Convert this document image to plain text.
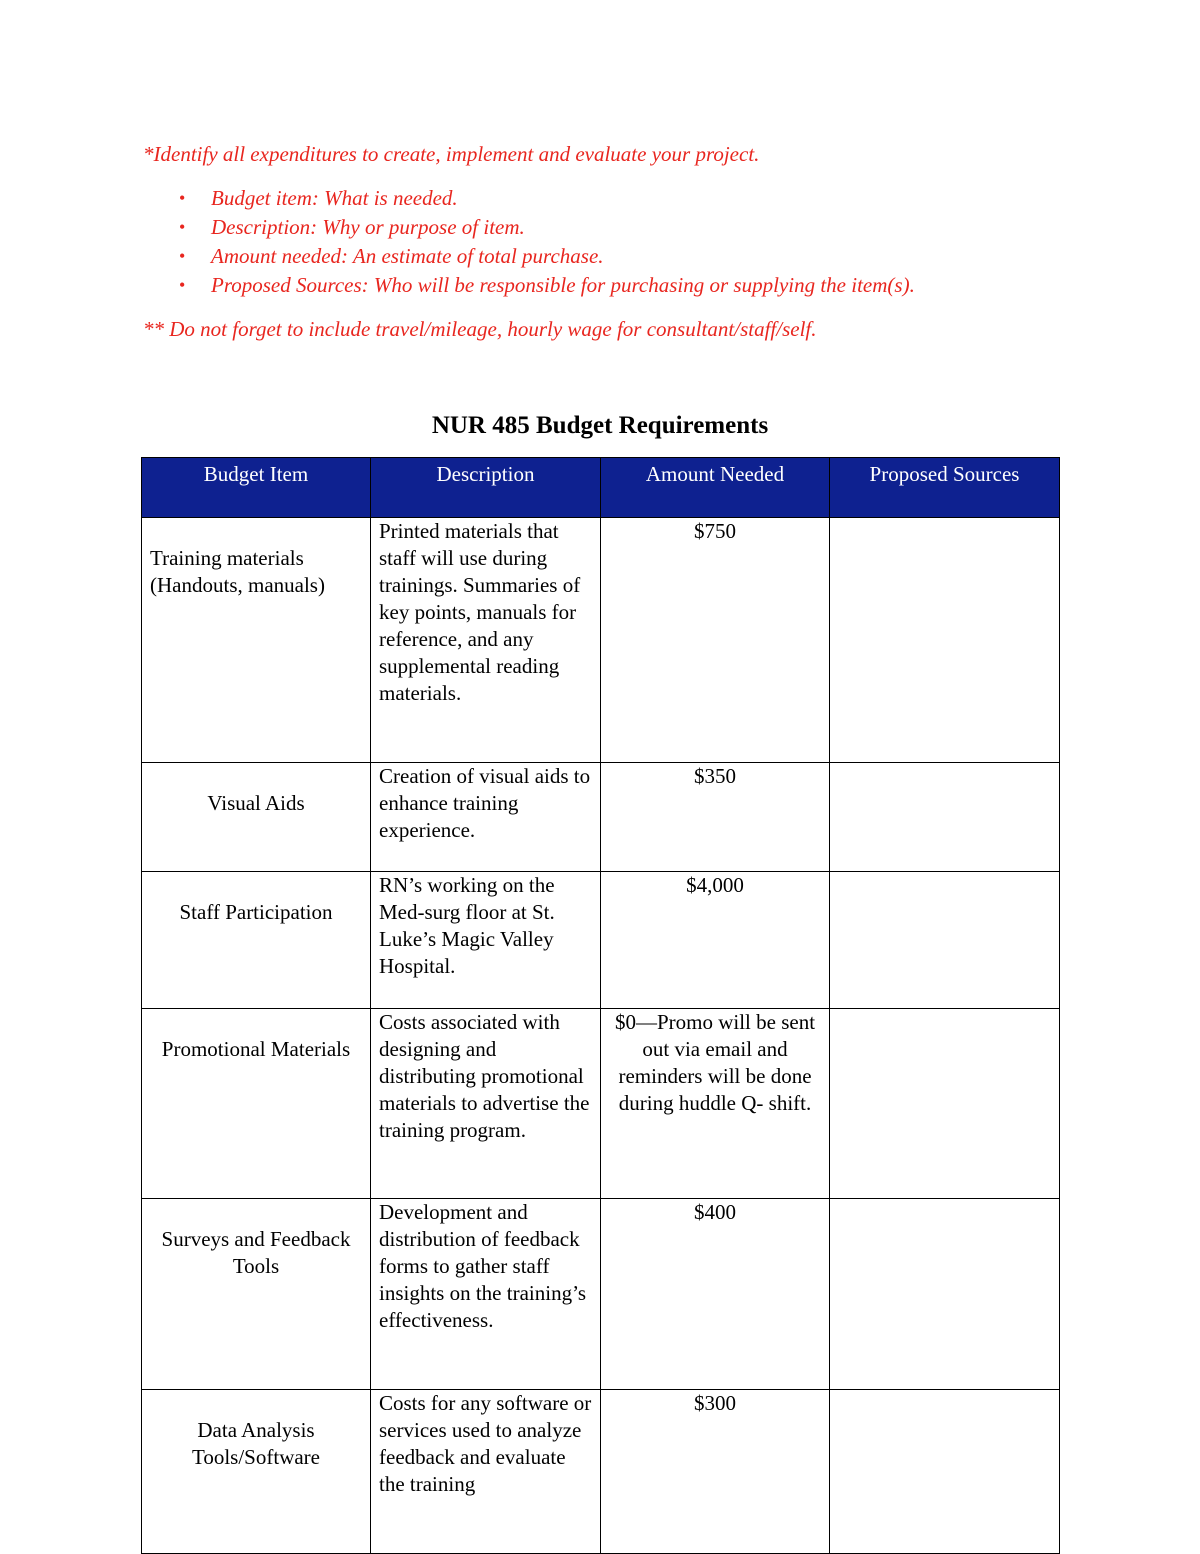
*Identify all expenditures to create, implement and evaluate your project.

• Budget item: What is needed.
• Description: Why or purpose of item.
• Amount needed: An estimate of total purchase.
• Proposed Sources: Who will be responsible for purchasing or supplying the item(s).

** Do not forget to include travel/mileage, hourly wage for consultant/staff/self.

NUR 485 Budget Requirements
Budget Item	Description	Amount Needed	Proposed Sources
Training materials (Handouts, manuals)	Printed materials that staff will use during trainings. Summaries of key points, manuals for reference, and any supplemental reading materials.	$750	
Visual Aids	Creation of visual aids to enhance training experience.	$350	
Staff Participation	RN’s working on the Med-surg floor at St. Luke’s Magic Valley Hospital.	$4,000	
Promotional Materials	Costs associated with designing and distributing promotional materials to advertise the training program.	$0—Promo will be sent out via email and reminders will be done during huddle Q- shift.	
Surveys and Feedback Tools	Development and distribution of feedback forms to gather staff insights on the training’s effectiveness.	$400	
Data Analysis Tools/Software	Costs for any software or services used to analyze feedback and evaluate the training	$300	
